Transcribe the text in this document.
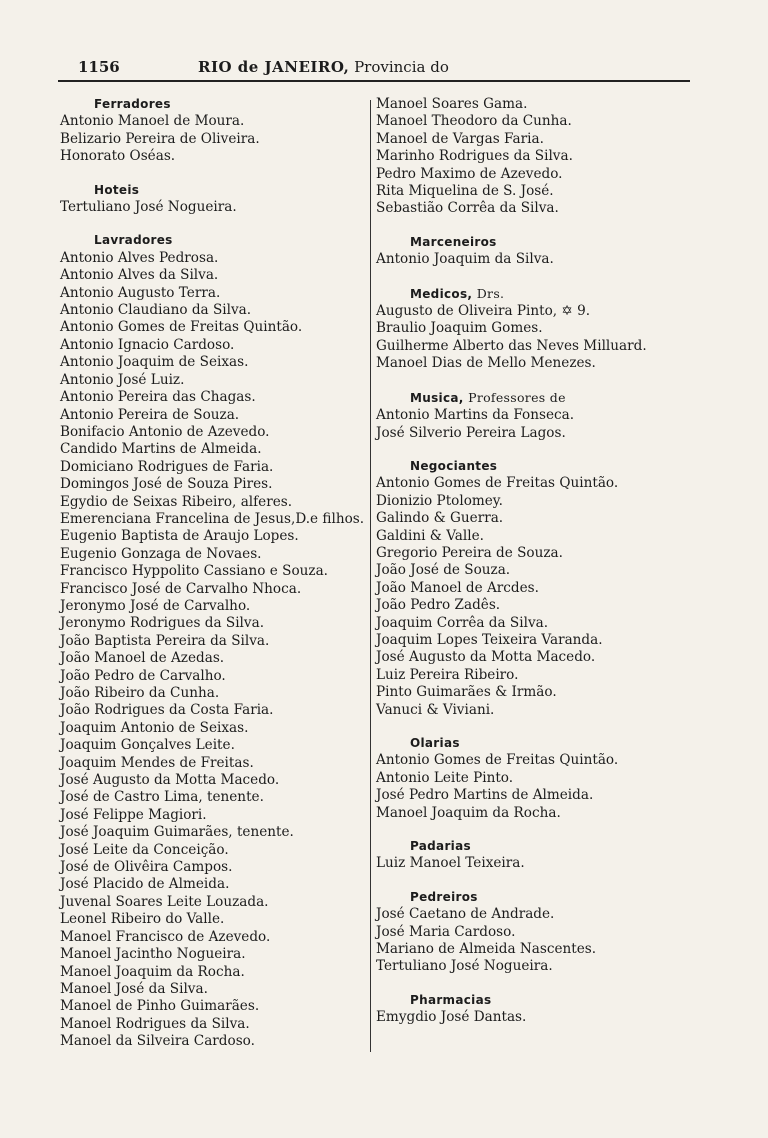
1156	RIO de JANEIRO, Provincia do
Ferradores
Antonio Manoel de Moura.
Belizario Pereira de Oliveira.
Honorato Oséas.
Hoteis
Tertuliano José Nogueira.
Lavradores
Antonio Alves Pedrosa.
Antonio Alves da Silva.
Antonio Augusto Terra.
Antonio Claudiano da Silva.
Antonio Gomes de Freitas Quintão.
Antonio Ignacio Cardoso.
Antonio Joaquim de Seixas.
Antonio José Luiz.
Antonio Pereira das Chagas.
Antonio Pereira de Souza.
Bonifacio Antonio de Azevedo.
Candido Martins de Almeida.
Domiciano Rodrigues de Faria.
Domingos José de Souza Pires.
Egydio de Seixas Ribeiro, alferes.
Emerenciana Francelina de Jesus,D.e filhos.
Eugenio Baptista de Araujo Lopes.
Eugenio Gonzaga de Novaes.
Francisco Hyppolito Cassiano e Souza.
Francisco José de Carvalho Nhoca.
Jeronymo José de Carvalho.
Jeronymo Rodrigues da Silva.
João Baptista Pereira da Silva.
João Manoel de Azedas.
João Pedro de Carvalho.
João Ribeiro da Cunha.
João Rodrigues da Costa Faria.
Joaquim Antonio de Seixas.
Joaquim Gonçalves Leite.
Joaquim Mendes de Freitas.
José Augusto da Motta Macedo.
José de Castro Lima, tenente.
José Felippe Magiori.
José Joaquim Guimarães, tenente.
José Leite da Conceição.
José de Olivêira Campos.
José Placido de Almeida.
Juvenal Soares Leite Louzada.
Leonel Ribeiro do Valle.
Manoel Francisco de Azevedo.
Manoel Jacintho Nogueira.
Manoel Joaquim da Rocha.
Manoel José da Silva.
Manoel de Pinho Guimarães.
Manoel Rodrigues da Silva.
Manoel da Silveira Cardoso.
Manoel Soares Gama.
Manoel Theodoro da Cunha.
Manoel de Vargas Faria.
Marinho Rodrigues da Silva.
Pedro Maximo de Azevedo.
Rita Miquelina de S. José.
Sebastião Corrêa da Silva.
Marceneiros
Antonio Joaquim da Silva.
Medicos, Drs.
Augusto de Oliveira Pinto, ✡ 9.
Braulio Joaquim Gomes.
Guilherme Alberto das Neves Milluard.
Manoel Dias de Mello Menezes.
Musica, Professores de
Antonio Martins da Fonseca.
José Silverio Pereira Lagos.
Negociantes
Antonio Gomes de Freitas Quintão.
Dionizio Ptolomey.
Galindo & Guerra.
Galdini & Valle.
Gregorio Pereira de Souza.
João José de Souza.
João Manoel de Arcdes.
João Pedro Zadês.
Joaquim Corrêa da Silva.
Joaquim Lopes Teixeira Varanda.
José Augusto da Motta Macedo.
Luiz Pereira Ribeiro.
Pinto Guimarães & Irmão.
Vanuci & Viviani.
Olarias
Antonio Gomes de Freitas Quintão.
Antonio Leite Pinto.
José Pedro Martins de Almeida.
Manoel Joaquim da Rocha.
Padarias
Luiz Manoel Teixeira.
Pedreiros
José Caetano de Andrade.
José Maria Cardoso.
Mariano de Almeida Nascentes.
Tertuliano José Nogueira.
Pharmacias
Emygdio José Dantas.
